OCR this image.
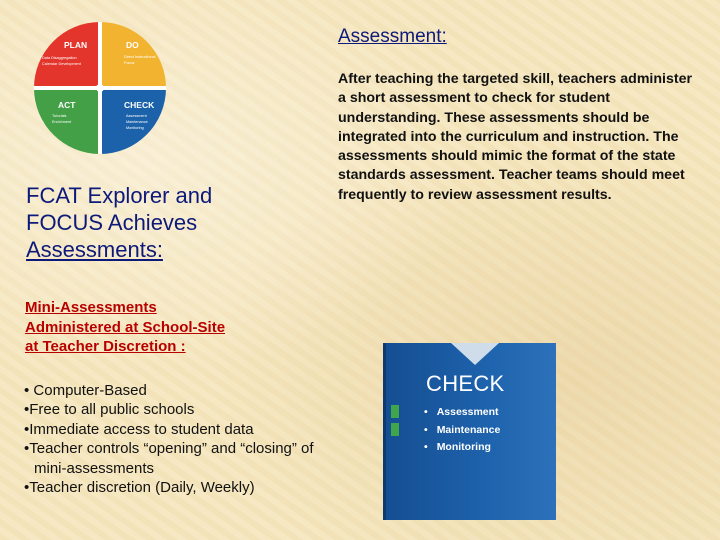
PLAN
Data Disaggregation
Calendar Development
DO
Direct Instructional
Focus
ACT
Tutorials
Enrichment
CHECK
Assessment
Maintenance
Monitoring
Assessment:

After teaching the targeted skill, teachers administer a short assessment to check for student understanding. These assessments should be integrated into the curriculum and instruction. The assessments should mimic the format of the state standards assessment. Teacher teams should meet frequently to review assessment results.

FCAT Explorer and
FOCUS Achieves
Assessments:
Mini-Assessments
Administered at School-Site
at Teacher Discretion :
• Computer-Based
•Free to all public schools
•Immediate access to student data
•Teacher controls “opening” and “closing” of
mini-assessments
•Teacher discretion (Daily, Weekly)
CHECK
• Assessment
• Maintenance
• Monitoring
